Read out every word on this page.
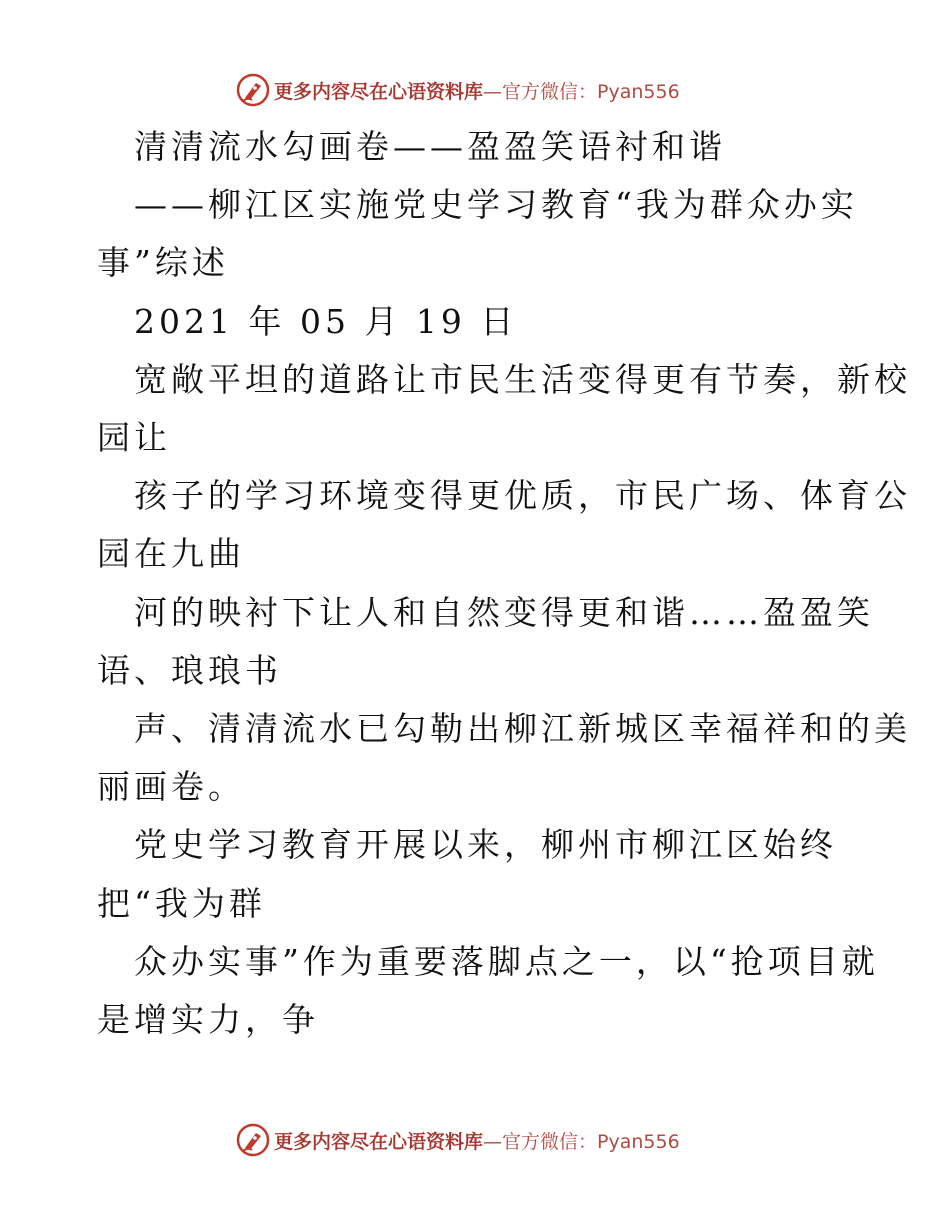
更多内容尽在心语资料库—官方微信：Pyan556
清清流水勾画卷——盈盈笑语衬和谐
——柳江区实施党史学习教育“我为群众办实
事”综述
2021 年 05 月 19 日
宽敞平坦的道路让市民生活变得更有节奏，新校
园让
孩子的学习环境变得更优质，市民广场、体育公
园在九曲
河的映衬下让人和自然变得更和谐……盈盈笑
语、琅琅书
声、清清流水已勾勒出柳江新城区幸福祥和的美
丽画卷。
党史学习教育开展以来，柳州市柳江区始终
把“我为群
众办实事”作为重要落脚点之一，以“抢项目就
是增实力，争
更多内容尽在心语资料库—官方微信：Pyan556
